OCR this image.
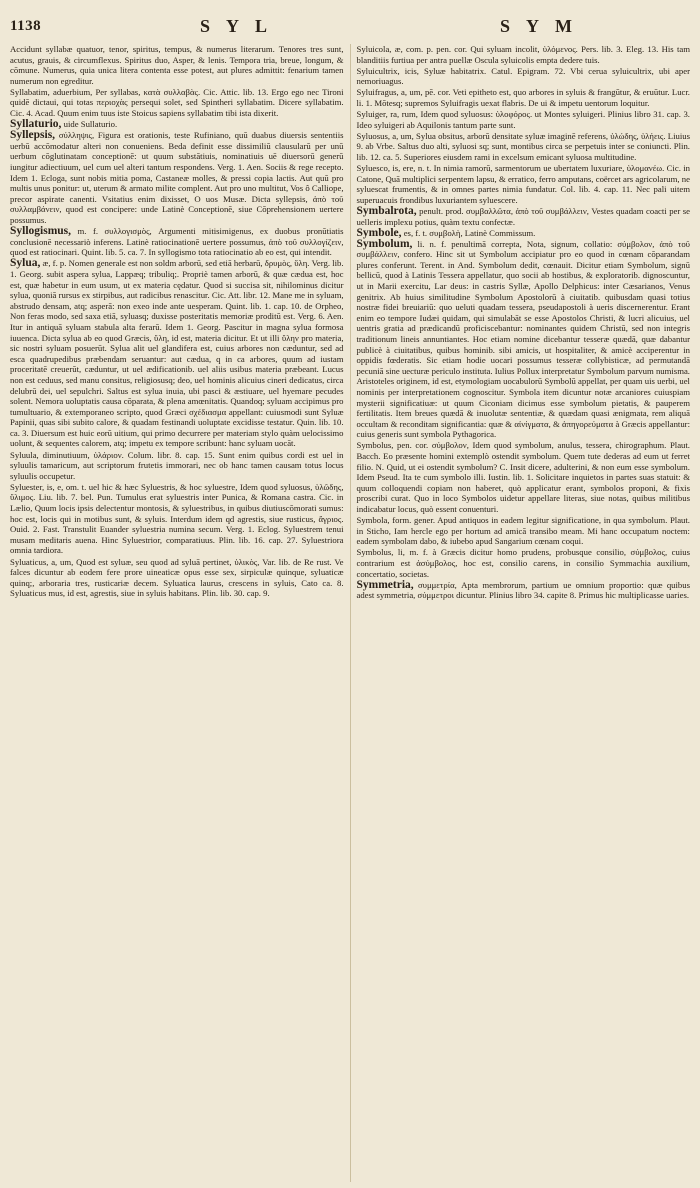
1138	SYL	SYM

Accidunt syllabæ quatuor, tenor, spiritus, tempus, & numerus literarum. Tenores tres sunt, acutus, grauis, & circumflexus. Spiritus duo, Asper, & lenis. Tempora tria, breue, longum, & cōmune. Numerus, quia unica litera contenta esse potest, aut plures admittit: fenarium tamen numerum non egreditur.

Syllabatim, aduerbium, Per syllabas, κατὰ συλλαβὰς. Cic. Attic. lib. 13. Ergo ego nec Tironi quidē dictaui, qui totas περιοχὰς persequi solet, sed Spintheri syllabatim. Dicere syllabatim. Cic. 4. Acad. Quum enim tuus iste Stoicus sapiens syllabatim tibi ista dixerit.

Syllaturio, uide Sullaturio.

Syllepsis, σύλληψις, Figura est orationis, teste Rufiniano, quū duabus diuersis sententiis uerbū accōmodatur alteri non conueniens. Beda definit esse dissimiliū clausularū per unū uerbum cōglutinatam conceptionē: ut quum substātiuis, nominatiuis uē diuersorū generū iungitur adiectiuum, uel cum uel alteri tantum respondens. Verg. 1. Aen. Sociis & rege recepto. Idem 1. Ecloga, sunt nobis mitia poma, Castaneæ molles, & pressi copia lactis. Aut quū pro multis unus ponitur: ut, uterum & armato milite complent. Aut pro uno multitut, Vos ô Calliope, precor aspirate canenti. Vsitatius enim dixisset, O uos Musæ. Dicta syllepsis, ἀπὸ τοῦ συλλαμβάνειν, quod est concipere: unde Latinè Conceptionē, siue Cōprehensionem uertere possumus.

Syllogismus, m. f. συλλογισμὸς, Argumenti mitisimigenus, ex duobus pronūtiatis conclusionē necessariò inferens. Latinè ratiocinationē uertere possumus, ἀπὸ τοῦ συλλογίζειν, quod est ratiocinari. Quint. lib. 5. ca. 7. In syllogismo tota ratiocinatio ab eo est, qui intendit.

Sylua, æ, f. p. Nomen generale est non soldm arborū, sed etiā herbarū, δρυμὸς, ὕλη. Verg. lib. 1. Georg. subit aspera sylua, Lappæq; tribuliq;. Propriè tamen arborū, & quæ cædua est, hoc est, quæ habetur in eum usum, ut ex materia cędatur. Quod si succisa sit, nihilominus dicitur sylua, quoniā rursus ex stirpibus, aut radicibus renascitur. Cic. Att. libr. 12. Mane me in syluam, abstrudo densam, atq; asperā: non exeo inde ante uesperam. Quint. lib. 1. cap. 10. de Orpheo, Non feras modo, sed saxa etiā, syluasq; duxisse posteritatis memoriæ proditū est. Verg. 6. Aen. Itur in antiquā syluam stabula alta ferarū. Idem 1. Georg. Pascitur in magna sylua formosa iuuenca. Dicta sylua ab eo quod Græcis, ὕλη, id est, materia dicitur. Et ut illi ὕλην pro materia, sic nostri syluam posuerūt. Sylua alit uel glandifera est, cuius arbores non cæduntur, sed ad esca quadrupedibus præbendam seruantur: aut cædua, q in ca arbores, quum ad iustam proceritatē creuerūt, cæduntur, ut uel ædificationib. uel aliis usibus materia præbeant. Lucus non est ceduus, sed manu consitus, religiosusq; deo, uel hominis alicuius cineri dedicatus, circa delubrū dei, uel sepulchri. Saltus est sylua inuia, ubi pasci & æstiuare, uel hyemare pecudes solent. Nemora uoluptatis causa cōparata, & plena amœnitatis. Quandoq; syluam accipimus pro tumultuario, & extemporaneo scripto, quod Græci σχέδιασμα appellant: cuiusmodi sunt Syluæ Papinii, quas sibi subito calore, & quadam festinandi uoluptate excidisse testatur. Quin. lib. 10. ca. 3. Diuersum est huic eorū uitium, qui primo decurrere per materiam stylo quàm uelocissimo uolunt, & sequentes calorem, atq; impetu ex tempore scribunt: hanc syluam uocāt.

Syluula, diminutiuum, ὑλάριον. Colum. libr. 8. cap. 15. Sunt enim quibus cordi est uel in syluulis tamaricum, aut scriptorum frutetis immorari, nec ob hanc tamen causam totus locus syluulis occupetur.

Syluester, is, e, om. t. uel hic & hæc Syluestris, & hoc syluestre, Idem quod syluosus, ὑλῶδης, ὕλιμος. Liu. lib. 7. bel. Pun. Tumulus erat syluestris inter Punica, & Romana castra. Cic. in Lælio, Quum locis ipsis delectentur montosis, & syluestribus, in quibus diutiuscōmorati sumus: hoc est, locis qui in motibus sunt, & syluis. Interdum idem qd agrestis, siue rusticus, ἄγριος. Ouid. 2. Fast. Transtulit Euander syluestria numina secum. Verg. 1. Eclog. Syluestrem tenui musam meditaris auena. Hinc Syluestrior, comparatiuus. Plin. lib. 16. cap. 27. Syluestriora omnia tardiora.

Syluaticus, a, um, Quod est syluæ, seu quod ad syluā pertinet, ὑλικὸς, Var. lib. de Re rust. Ve falces dicuntur ab eodem fere prore uineaticæ opus esse sex, sirpiculæ quinque, syluaticæ quinq;, arboraria tres, rusticariæ decem. Syluatica laurus, crescens in syluis, Cato ca. 8. Syluaticus mus, id est, agrestis, siue in syluis habitans. Plin. lib. 30. cap. 9.

Syluicola, æ, com. p. pen. cor. Qui syluam incolit, ὑλόμενος. Pers. lib. 3. Eleg. 13. His tam blanditiis furtiua per antra puellæ Oscula syluicolis empta dedere tuis.

Syluicultrix, icis, Syluæ habitatrix. Catul. Epigram. 72. Vbi cerua syluicultrix, ubi aper nemoriuagus.

Syluifragus, a, um, pē. cor. Veti epitheto est, quo arbores in syluis & frangūtur, & eruūtur. Lucr. li. 1. Mōtesq; supremos Syluifragis uexat flabris. De ui & impetu uentorum loquitur.

Syluiger, ra, rum, Idem quod syluosus: ὑλοφόρος. ut Montes syluigeri. Plinius libro 31. cap. 3. Ideo syluigeri ab Aquilonis tantum parte sunt.

Syluosus, a, um, Sylua obsitus, arborū densitate syluæ imaginē referens, ὑλώδης, ὑλήεις. Liuius 9. ab Vrbe. Saltus duo alti, syluosi sq; sunt, montibus circa se perpetuis inter se coniuncti. Plin. lib. 12. ca. 5. Superiores eiusdem rami in excelsum emicant syluosa multitudine.

Syluesco, is, ere, n. t. In nimia ramorū, sarmentorum ue ubertatem luxuriare, ὑλομανέω. Cic. in Catone, Quā multiplici serpentem lapsu, & erratico, ferro amputans, coërcet ars agricolarum, ne syluescat frumentis, & in omnes partes nimia fundatur. Col. lib. 4. cap. 11. Nec pali uitem superuacuis frondibus luxuriantem syluescere.

Symbalrota, penult. prod. συμβαλλῶτα, ἀπὸ τοῦ συμβάλλειν, Vestes quadam coacti per se uelleris implexu potius, quàm textu confectæ.

Symbole, es, f. t. συμβολὴ, Latinè Commissum.

Symbolum, li. n. f. penultimā correpta, Nota, signum, collatio: σύμβολον, ἀπὸ τοῦ συμβάλλειν, confero. Hinc sit ut Symbolum accipiatur pro eo quod in cœnam cōparandam plures conferunt. Terent. in And. Symbolum dedit, cœnauit. Dicitur etiam Symbolum, signū bellicū, quod à Latinis Tessera appellatur, quo socii ab hostibus, & exploratorib. dignoscuntur, ut in Marii exercitu, Lar deus: in castris Syllæ, Apollo Delphicus: inter Cæsarianos, Venus genitrix. Ab huius similitudine Symbolum Apostolorū à ciuitatib. quibusdam quasi totius nostræ fidei breuiariū: quo ueluti quadam tessera, pseudapostoli à ueris discernerentur. Erant enim eo tempore Iudæi quidam, qui simulabāt se esse Apostolos Christi, & lucri alicuius, uel uentris gratia ad prædicandū proficiscebantur: nominantes quidem Christū, sed non integris traditionum lineis annuntiantes. Hoc etiam nomine dicebantur tesseræ quædā, quæ dabantur publicè à ciuitatibus, quibus hominib. sibi amicis, ut hospitaliter, & amicè acciperentur in oppidis fœderatis. Sic etiam hodie uocari possumus tesseræ collybisticæ, ad permutandā pecuniā sine uecturæ periculo instituta. Iulius Pollux interpretatur Symbolum parvum numisma. Aristoteles originem, id est, etymologiam uocabulorū Symbolū appellat, per quam uis uerbi, uel nominis per interpretationem cognoscitur. Symbola item dicuntur notæ arcaniores cuiuspiam mysterii significatiuæ: ut quum Ciconiam dicimus esse symbolum pietatis, & pauperem fertilitatis. Item breues quædā & inuolutæ sententiæ, & quædam quasi ænigmata, rem aliquā occultam & reconditam significantia: quæ & αἰνίγματα, & ἀπηγορεύματα à Græcis appellantur: cuius generis sunt symbola Pythagorica.

Symbolus, pen. cor. σύμβολον, Idem quod symbolum, anulus, tessera, chirographum. Plaut. Bacch. Eo præsente homini extemplò ostendit symbolum. Quem tute dederas ad eum ut ferret filio. N. Quid, ut ei ostendit symbolum? C. Insit dicere, adulterini, & non eum esse symbolum. Idem Pseud. Ita te cum symbolo illi. Iustin. lib. 1. Solicitare inquietos in partes suas statuit: & quum colloquendi copiam non haberet, quò applicatur erant, symbolos proponi, & fixis proscribi curat. Quo in loco Symbolos uidetur appellare literas, siue notas, quibus militibus indicabatur locus, quò essent conuenturi.

Symbola, form. gener. Apud antiquos in eadem legitur significatione, in qua symbolum. Plaut. in Sticho, Iam hercle ego per hortum ad amicā transibo meam. Mi hanc occupatum noctem: eadem symbolam dabo, & iubebo apud Sangarium cœnam coqui.

Symbolus, li, m. f. à Græcis dicitur homo prudens, probusque consilio, σύμβολος, cuius contrarium est ἀσύμβολος, hoc est, consilio carens, in consilio Symmachia auxilium, concertatio, societas.

Symmetria, συμμετρία, Apta membrorum, partium ue omnium proportio: quæ quibus adest symmetria, σύμμετροι dicuntur. Plinius libro 34. capite 8. Primus hic multiplicasse uaries.
